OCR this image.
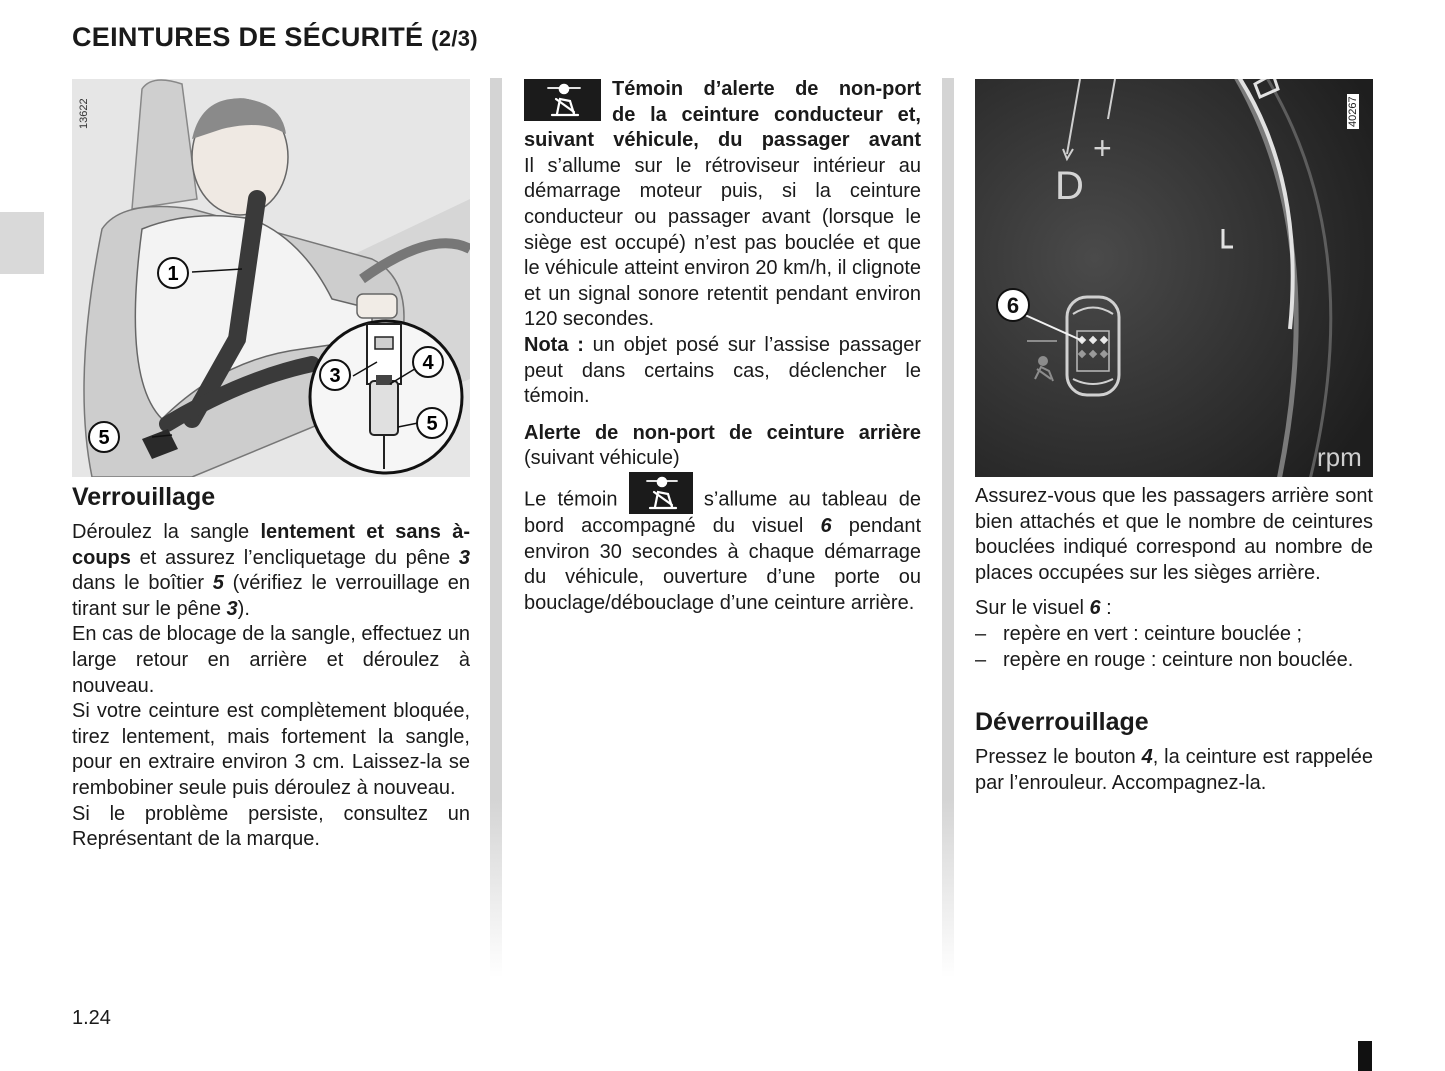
CEINTURES DE SÉCURITÉ (2/3)
13622
1
3
4
5
5
D
+
6
rpm
40267
Verrouillage

Déroulez la sangle lentement et sans à-coups et assurez l’encliquetage du pêne 3 dans le boîtier 5 (vérifiez le verrouillage en tirant sur le pêne 3).

En cas de blocage de la sangle, effectuez un large retour en arrière et déroulez à nouveau.

Si votre ceinture est complètement bloquée, tirez lentement, mais fortement la sangle, pour en extraire environ 3 cm. Laissez-la se rembobiner seule puis déroulez à nouveau.

Si le problème persiste, consultez un Représentant de la marque.

Témoin d’alerte de non-port
de la ceinture conducteur et,
suivant véhicule, du passager avant

Il s’allume sur le rétroviseur intérieur au démarrage moteur puis, si la ceinture conducteur ou passager avant (lorsque le siège est occupé) n’est pas bouclée et que le véhicule atteint environ 20 km/h, il clignote et un signal sonore retentit pendant environ 120 secondes.

Nota : un objet posé sur l’assise passager peut dans certains cas, déclencher le témoin.

Alerte de non-port de ceinture arrière (suivant véhicule)

Le témoin	s’allume au tableau de bord accompagné du visuel 6 pendant environ 30 secondes à chaque démarrage du véhicule, ouverture d’une porte ou bouclage/débouclage d’une ceinture arrière.

Assurez-vous que les passagers arrière sont bien attachés et que le nombre de ceintures bouclées indiqué correspond au nombre de places occupées sur les sièges arrière.

Sur le visuel 6 :

– repère en vert : ceinture bouclée ;
– repère en rouge : ceinture non bouclée.
Déverrouillage

Pressez le bouton 4, la ceinture est rappelée par l’enrouleur. Accompagnez-la.

1.24
